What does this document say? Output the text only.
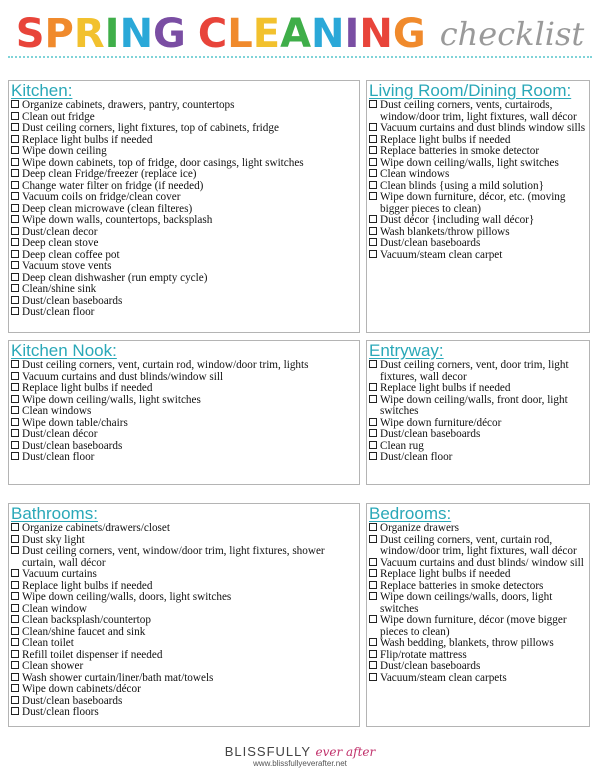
SPRING CLEANING checklist
Kitchen:
Organize cabinets, drawers, pantry, countertops
Clean out fridge
Dust ceiling corners, light fixtures, top of cabinets, fridge
Replace light bulbs if needed
Wipe down ceiling
Wipe down cabinets, top of fridge, door casings, light switches
Deep clean Fridge/freezer (replace ice)
Change water filter on fridge (if needed)
Vacuum coils on fridge/clean cover
Deep clean microwave (clean filteres)
Wipe down walls, countertops, backsplash
Dust/clean decor
Deep clean stove
Deep clean coffee pot
Vacuum stove vents
Deep clean dishwasher (run empty cycle)
Clean/shine sink
Dust/clean baseboards
Dust/clean floor
Living Room/Dining Room:
Dust ceiling corners, vents, curtairods, window/door trim, light fixtures, wall décor
Vacuum curtains and dust blinds window sills
Replace light bulbs if needed
Replace batteries in smoke detector
Wipe down ceiling/walls, light switches
Clean windows
Clean blinds {using a mild solution}
Wipe down furniture, décor, etc. (moving bigger pieces to clean)
Dust décor {including wall décor}
Wash blankets/throw pillows
Dust/clean baseboards
Vacuum/steam clean carpet
Kitchen Nook:
Dust ceiling corners, vent, curtain rod, window/door trim, lights
Vacuum curtains and dust blinds/window sill
Replace light bulbs if needed
Wipe down ceiling/walls, light switches
Clean windows
Wipe down table/chairs
Dust/clean décor
Dust/clean baseboards
Dust/clean floor
Entryway:
Dust ceiling corners, vent, door trim, light fixtures, wall decor
Replace light bulbs if needed
Wipe down ceiling/walls, front door, light switches
Wipe down furniture/décor
Dust/clean baseboards
Clean rug
Dust/clean floor
Bathrooms:
Organize cabinets/drawers/closet
Dust sky light
Dust ceiling corners, vent, window/door trim, light fixtures, shower curtain, wall décor
Vacuum curtains
Replace light bulbs if needed
Wipe down ceiling/walls, doors, light switches
Clean window
Clean backsplash/countertop
Clean/shine faucet and sink
Clean toilet
Refill toilet dispenser if needed
Clean shower
Wash shower curtain/liner/bath mat/towels
Wipe down cabinets/décor
Dust/clean baseboards
Dust/clean floors
Bedrooms:
Organize drawers
Dust ceiling corners, vent, curtain rod, window/door trim, light fixtures, wall décor
Vacuum curtains and dust blinds/ window sill
Replace light bulbs if needed
Replace batteries in smoke detectors
Wipe down ceilings/walls, doors, light switches
Wipe down furniture, décor (move bigger pieces to clean)
Wash bedding, blankets, throw pillows
Flip/rotate mattress
Dust/clean baseboards
Vacuum/steam clean carpets
BLISSFULLY ever after
www.blissfullyeverafter.net
